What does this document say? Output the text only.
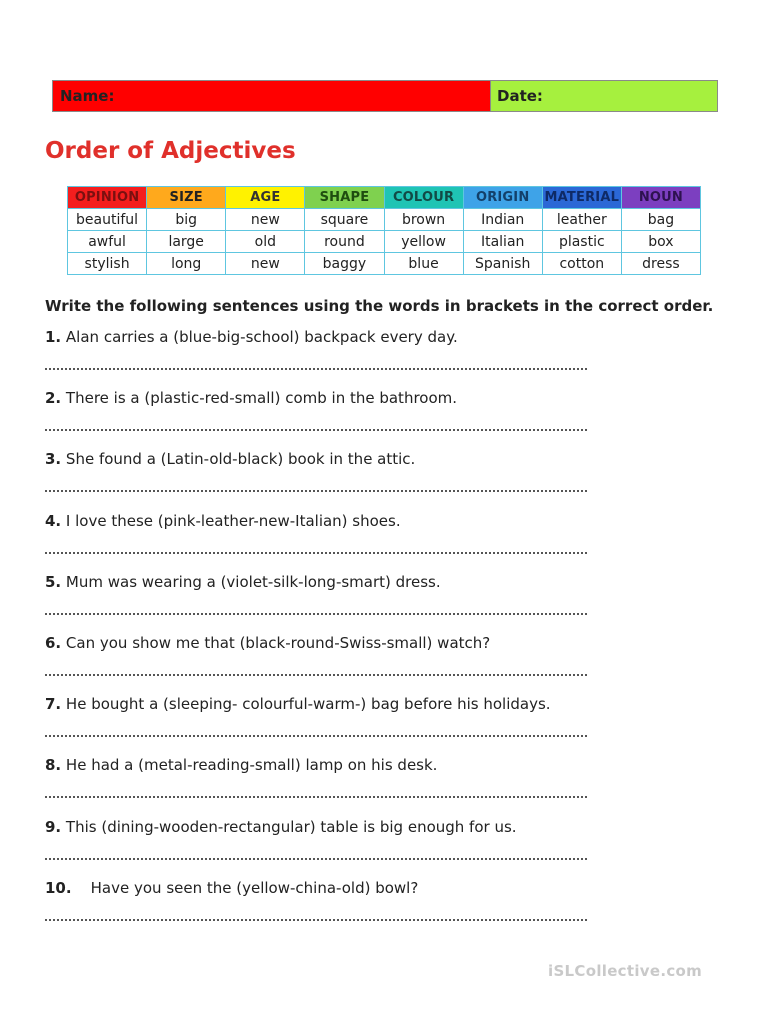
Name:	Date:
Order of Adjectives
OPINION	SIZE	AGE	SHAPE	COLOUR	ORIGIN	MATERIAL	NOUN
beautiful	big	new	square	brown	Indian	leather	bag
awful	large	old	round	yellow	Italian	plastic	box
stylish	long	new	baggy	blue	Spanish	cotton	dress

Write the following sentences using the words in brackets in the correct order.

1. Alan carries a (blue-big-school) backpack every day.
2. There is a (plastic-red-small) comb in the bathroom.
3. She found a (Latin-old-black) book in the attic.
4. I love these (pink-leather-new-Italian) shoes.
5. Mum was wearing a (violet-silk-long-smart) dress.
6. Can you show me that (black-round-Swiss-small) watch?
7. He bought a (sleeping- colourful-warm-) bag before his holidays.
8. He had a (metal-reading-small) lamp on his desk.
9. This (dining-wooden-rectangular) table is big enough for us.
10. Have you seen the (yellow-china-old) bowl?
iSLCollective.com
